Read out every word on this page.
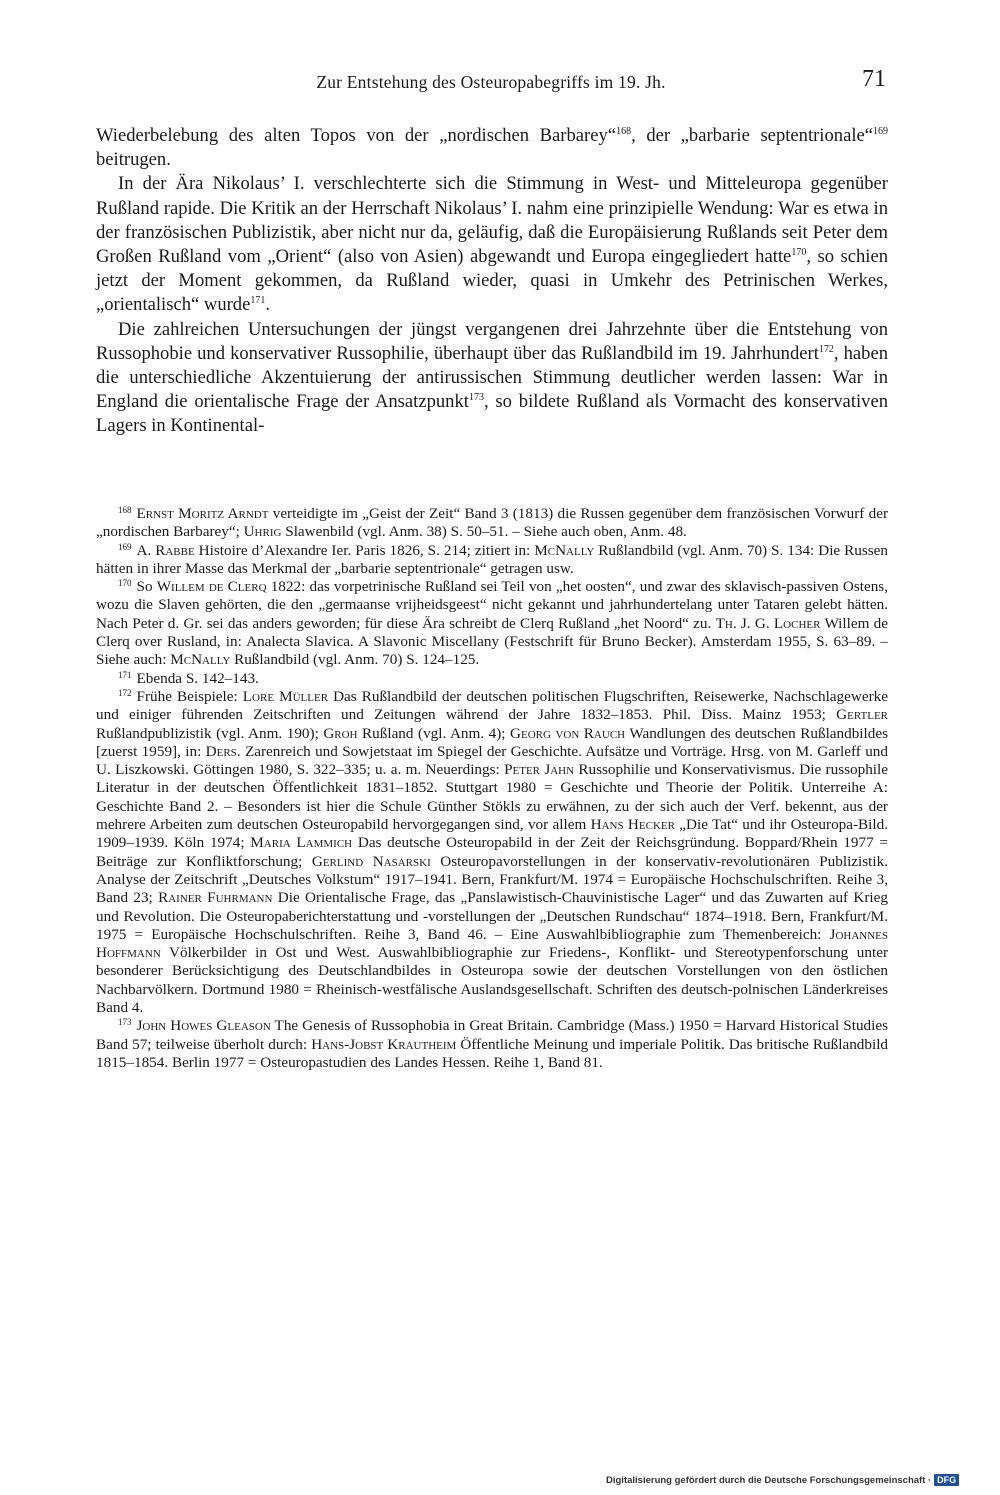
Zur Entstehung des Osteuropabegriffs im 19. Jh.	71

Wiederbelebung des alten Topos von der „nordischen Barbarey“$^{168}$, der „barbarie septentrionale“$^{169}$ beitrugen.

In der Ära Nikolaus’ I. verschlechterte sich die Stimmung in West- und Mitteleuropa gegenüber Rußland rapide. Die Kritik an der Herrschaft Nikolaus’ I. nahm eine prinzipielle Wendung: War es etwa in der französischen Publizistik, aber nicht nur da, geläufig, daß die Europäisierung Rußlands seit Peter dem Großen Rußland vom „Orient“ (also von Asien) abgewandt und Europa eingegliedert hatte$^{170}$, so schien jetzt der Moment gekommen, da Rußland wieder, quasi in Umkehr des Petrinischen Werkes, „orientalisch“ wurde$^{171}$.

Die zahlreichen Untersuchungen der jüngst vergangenen drei Jahrzehnte über die Entstehung von Russophobie und konservativer Russophilie, überhaupt über das Rußlandbild im 19. Jahrhundert$^{172}$, haben die unterschiedliche Akzentuierung der antirussischen Stimmung deutlicher werden lassen: War in England die orientalische Frage der Ansatzpunkt$^{173}$, so bildete Rußland als Vormacht des konservativen Lagers in Kontinental-

$^{168}$ Ernst Moritz Arndt verteidigte im „Geist der Zeit“ Band 3 (1813) die Russen gegenüber dem französischen Vorwurf der „nordischen Barbarey“; Uhrig Slawenbild (vgl. Anm. 38) S. 50–51. – Siehe auch oben, Anm. 48.

$^{169}$ A. Rabbe Histoire d’Alexandre Ier. Paris 1826, S. 214; zitiert in: McNally Rußlandbild (vgl. Anm. 70) S. 134: Die Russen hätten in ihrer Masse das Merkmal der „barbarie septentrionale“ getragen usw.

$^{170}$ So Willem de Clerq 1822: das vorpetrinische Rußland sei Teil von „het oosten“, und zwar des sklavisch-passiven Ostens, wozu die Slaven gehörten, die den „germaanse vrijheidsgeest“ nicht gekannt und jahrhundertelang unter Tataren gelebt hätten. Nach Peter d. Gr. sei das anders geworden; für diese Ära schreibt de Clerq Rußland „het Noord“ zu. Th. J. G. Locher Willem de Clerq over Rusland, in: Analecta Slavica. A Slavonic Miscellany (Festschrift für Bruno Becker). Amsterdam 1955, S. 63–89. – Siehe auch: McNally Rußlandbild (vgl. Anm. 70) S. 124–125.

$^{171}$ Ebenda S. 142–143.

$^{172}$ Frühe Beispiele: Lore Müller Das Rußlandbild der deutschen politischen Flugschriften, Reisewerke, Nachschlagewerke und einiger führenden Zeitschriften und Zeitungen während der Jahre 1832–1853. Phil. Diss. Mainz 1953; Gertler Rußlandpublizistik (vgl. Anm. 190); Groh Rußland (vgl. Anm. 4); Georg von Rauch Wandlungen des deutschen Rußlandbildes [zuerst 1959], in: Ders. Zarenreich und Sowjetstaat im Spiegel der Geschichte. Aufsätze und Vorträge. Hrsg. von M. Garleff und U. Liszkowski. Göttingen 1980, S. 322–335; u. a. m. Neuerdings: Peter Jahn Russophilie und Konservativismus. Die russophile Literatur in der deutschen Öffentlichkeit 1831–1852. Stuttgart 1980 = Geschichte und Theorie der Politik. Unterreihe A: Geschichte Band 2. – Besonders ist hier die Schule Günther Stökls zu erwähnen, zu der sich auch der Verf. bekennt, aus der mehrere Arbeiten zum deutschen Osteuropabild hervorgegangen sind, vor allem Hans Hecker „Die Tat“ und ihr Osteuropa-Bild. 1909–1939. Köln 1974; Maria Lammich Das deutsche Osteuropabild in der Zeit der Reichsgründung. Boppard/Rhein 1977 = Beiträge zur Konfliktforschung; Gerlind Nasarski Osteuropavorstellungen in der konservativ-revolutionären Publizistik. Analyse der Zeitschrift „Deutsches Volkstum“ 1917–1941. Bern, Frankfurt/M. 1974 = Europäische Hochschulschriften. Reihe 3, Band 23; Rainer Fuhrmann Die Orientalische Frage, das „Panslawistisch-Chauvinistische Lager“ und das Zuwarten auf Krieg und Revolution. Die Osteuropaberichterstattung und -vorstellungen der „Deutschen Rundschau“ 1874–1918. Bern, Frankfurt/M. 1975 = Europäische Hochschulschriften. Reihe 3, Band 46. – Eine Auswahlbibliographie zum Themenbereich: Johannes Hoffmann Völkerbilder in Ost und West. Auswahlbibliographie zur Friedens-, Konflikt- und Stereotypenforschung unter besonderer Berücksichtigung des Deutschlandbildes in Osteuropa sowie der deutschen Vorstellungen von den östlichen Nachbarvölkern. Dortmund 1980 = Rheinisch-westfälische Auslandsgesellschaft. Schriften des deutsch-polnischen Länderkreises Band 4.

$^{173}$ John Howes Gleason The Genesis of Russophobia in Great Britain. Cambridge (Mass.) 1950 = Harvard Historical Studies Band 57; teilweise überholt durch: Hans-Jobst Krautheim Öffentliche Meinung und imperiale Politik. Das britische Rußlandbild 1815–1854. Berlin 1977 = Osteuropastudien des Landes Hessen. Reihe 1, Band 81.

Digitalisierung gefördert durch die Deutsche Forschungsgemeinschaft · DFG
